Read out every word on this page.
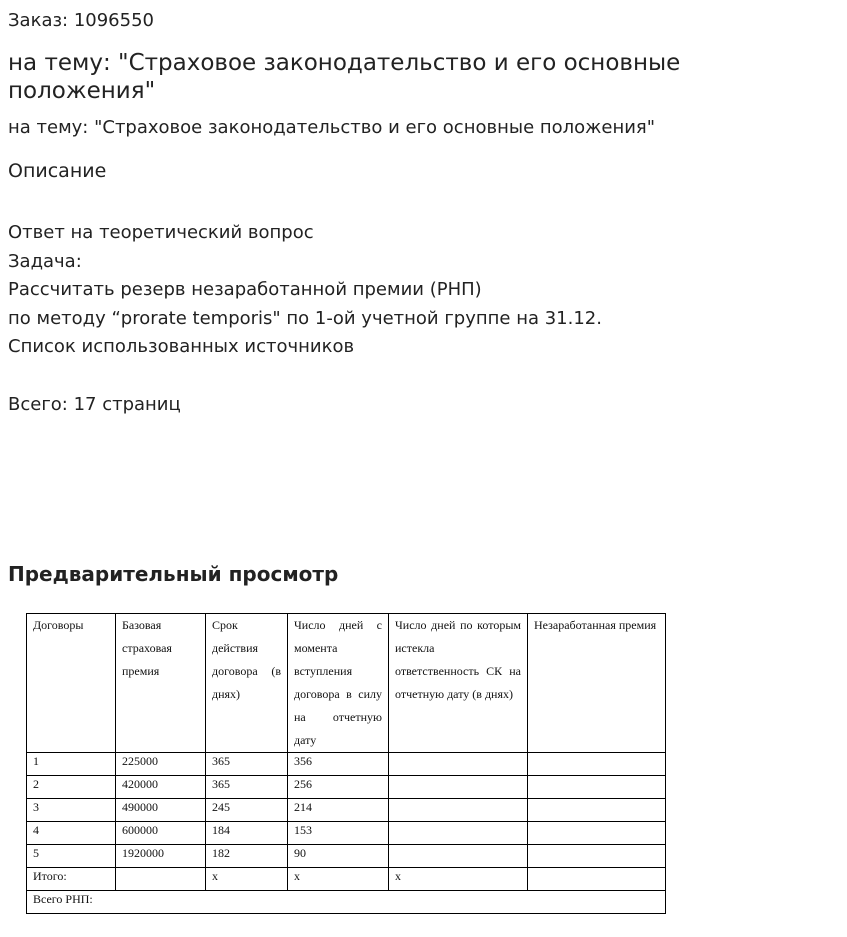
Заказ: 1096550
на тему: "Страховое законодательство и его основные положения"
на тему: "Страховое законодательство и его основные положения"
Описание
Ответ на теоретический вопрос
Задача:
Рассчитать резерв незаработанной премии (РНП)
по методу “prorate temporis" по 1-ой учетной группе на 31.12.
Список использованных источников
Всего: 17 страниц
Предварительный просмотр
Договоры	Базовая страховая премия	Срок действия договора (в днях)	Число дней с момента вступления договора в силу на отчетную дату	Число дней по которым истекла ответственность СК на отчетную дату (в днях)	Незаработанная премия
1	225000	365	356		
2	420000	365	256		
3	490000	245	214		
4	600000	184	153		
5	1920000	182	90		
Итого:		х	х	х	
Всего РНП:					
